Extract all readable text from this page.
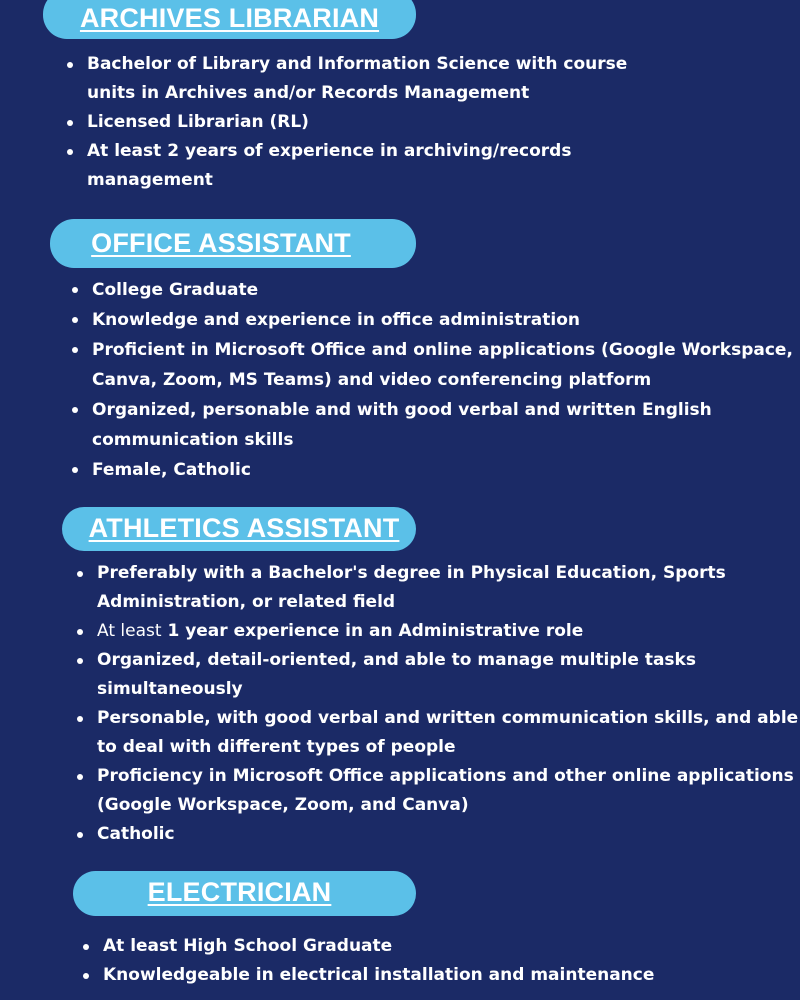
ARCHIVES LIBRARIAN
Bachelor of Library and Information Science with course
units in Archives and/or Records Management
Licensed Librarian (RL)
At least 2 years of experience in archiving/records
management
OFFICE ASSISTANT
College Graduate
Knowledge and experience in office administration
Proficient in Microsoft Office and online applications (Google Workspace,
Canva, Zoom, MS Teams) and video conferencing platform
Organized, personable and with good verbal and written English
communication skills
Female, Catholic
ATHLETICS ASSISTANT
Preferably with a Bachelor's degree in Physical Education, Sports
Administration, or related field
At least 1 year experience in an Administrative role
Organized, detail-oriented, and able to manage multiple tasks
simultaneously
Personable, with good verbal and written communication skills, and able
to deal with different types of people
Proficiency in Microsoft Office applications and other online applications
(Google Workspace, Zoom, and Canva)
Catholic
ELECTRICIAN
At least High School Graduate
Knowledgeable in electrical installation and maintenance
